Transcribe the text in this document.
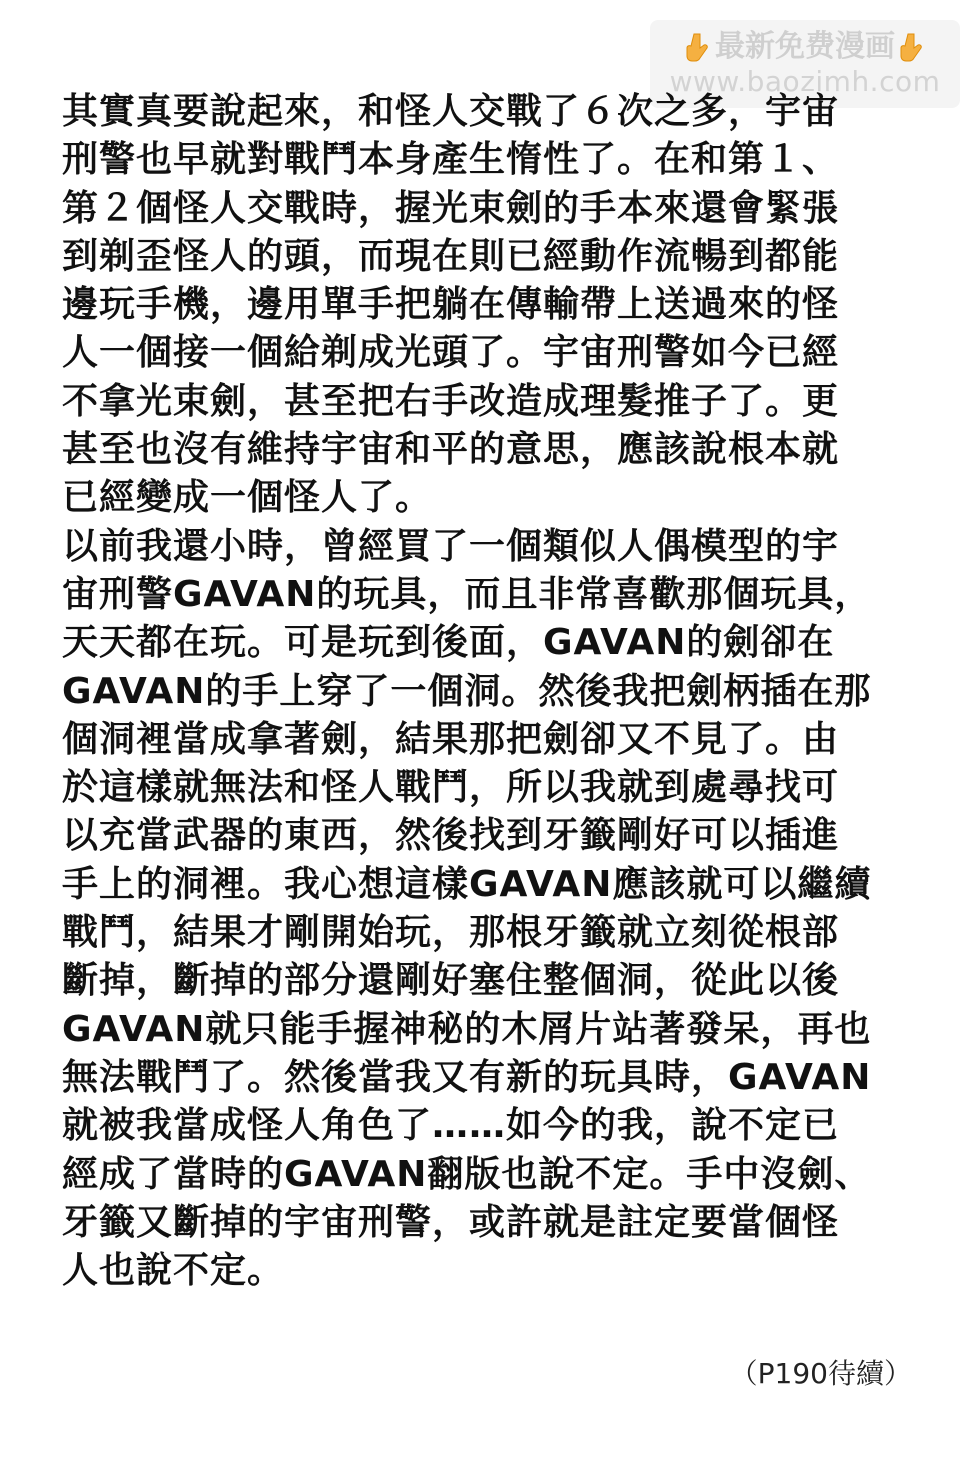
最新免费漫画
www.baozimh.com

其實真要說起來，和怪人交戰了６次之多，宇宙
刑警也早就對戰鬥本身產生惰性了。在和第１、
第２個怪人交戰時，握光束劍的手本來還會緊張
到剃歪怪人的頭，而現在則已經動作流暢到都能
邊玩手機，邊用單手把躺在傳輸帶上送過來的怪
人一個接一個給剃成光頭了。宇宙刑警如今已經
不拿光束劍，甚至把右手改造成理髮推子了。更
甚至也沒有維持宇宙和平的意思，應該說根本就
已經變成一個怪人了。

以前我還小時，曾經買了一個類似人偶模型的宇
宙刑警GAVAN的玩具，而且非常喜歡那個玩具，
天天都在玩。可是玩到後面，GAVAN的劍卻在
GAVAN的手上穿了一個洞。然後我把劍柄插在那
個洞裡當成拿著劍，結果那把劍卻又不見了。由
於這樣就無法和怪人戰鬥，所以我就到處尋找可
以充當武器的東西，然後找到牙籤剛好可以插進
手上的洞裡。我心想這樣GAVAN應該就可以繼續
戰鬥，結果才剛開始玩，那根牙籤就立刻從根部
斷掉，斷掉的部分還剛好塞住整個洞，從此以後
GAVAN就只能手握神秘的木屑片站著發呆，再也
無法戰鬥了。然後當我又有新的玩具時，GAVAN
就被我當成怪人角色了……如今的我，說不定已
經成了當時的GAVAN翻版也說不定。手中沒劍、
牙籤又斷掉的宇宙刑警，或許就是註定要當個怪
人也說不定。

（P190待續）
